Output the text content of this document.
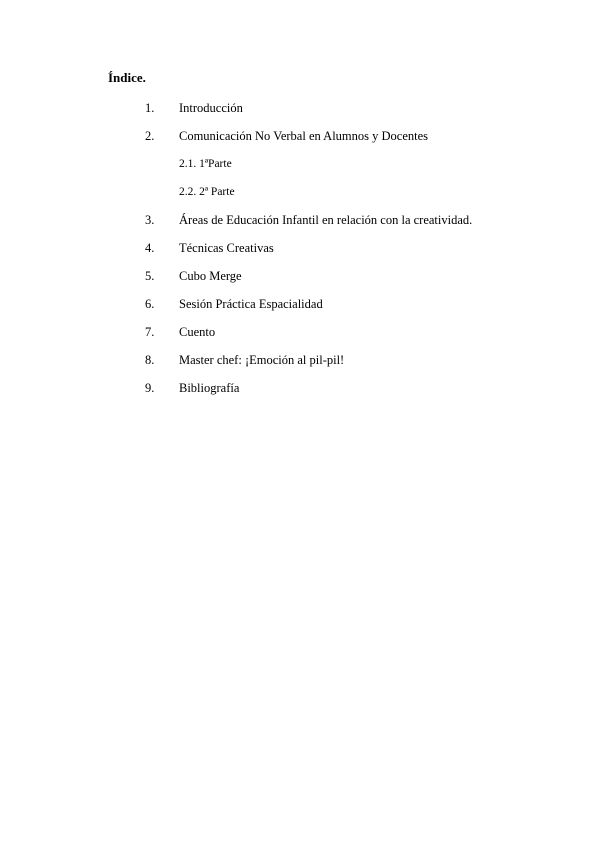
Índice.
1. Introducción
2. Comunicación No Verbal en Alumnos y Docentes
2.1. 1ªParte
2.2. 2ª Parte
3. Áreas de Educación Infantil en relación con la creatividad.
4. Técnicas Creativas
5. Cubo Merge
6. Sesión Práctica Espacialidad
7. Cuento
8. Master chef: ¡Emoción al pil-pil!
9. Bibliografía
